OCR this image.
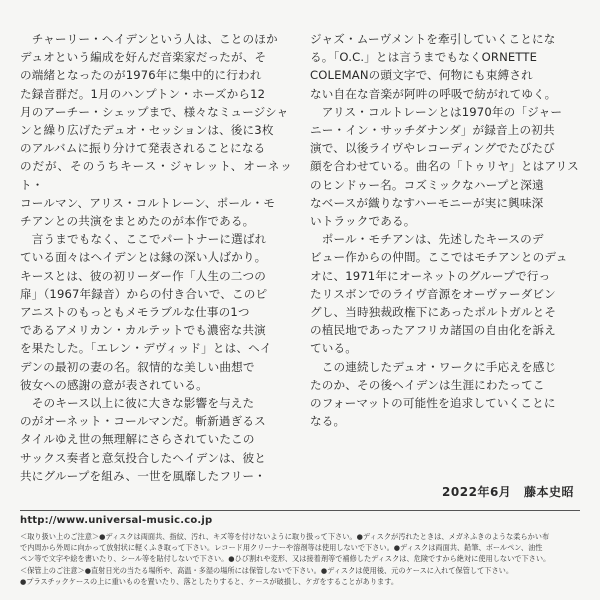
　チャーリー・ヘイデンという人は、ことのほか
デュオという編成を好んだ音楽家だったが、そ
の端緒となったのが1976年に集中的に行われ
た録音群だ。1月のハンプトン・ホーズから12
月のアーチー・シェップまで、様々なミュージシャ
ンと繰り広げたデュオ・セッションは、後に3枚
のアルバムに振り分けて発表されることになる
のだが、そのうちキース・ジャレット、オーネット・
コールマン、アリス・コルトレーン、ポール・モ
チアンとの共演をまとめたのが本作である。

　言うまでもなく、ここでパートナーに選ばれ
ている面々はヘイデンとは縁の深い人ばかり。
キースとは、彼の初リーダー作「人生の二つの
扉」（1967年録音）からの付き合いで、このピ
アニストのもっともメモラブルな仕事の1つ
であるアメリカン・カルテットでも濃密な共演
を果たした。「エレン・デヴィッド」とは、ヘイ
デンの最初の妻の名。叙情的な美しい曲想で
彼女への感謝の意が表されている。

　そのキース以上に彼に大きな影響を与えた
のがオーネット・コールマンだ。斬新過ぎるス
タイルゆえ世の無理解にさらされていたこの
サックス奏者と意気投合したヘイデンは、彼と
共にグループを組み、一世を風靡したフリー・

ジャズ・ムーヴメントを牽引していくことにな
る。「O.C.」とは言うまでもなくORNETTE
COLEMANの頭文字で、何物にも束縛され
ない自在な音楽が阿吽の呼吸で紡がれてゆく。

　アリス・コルトレーンとは1970年の「ジャー
ニー・イン・サッチダナンダ」が録音上の初共
演で、以後ライヴやレコーディングでたびたび
顔を合わせている。曲名の「トゥリヤ」とはアリス
のヒンドゥー名。コズミックなハープと深遠
なベースが織りなすハーモニーが実に興味深
いトラックである。

　ポール・モチアンは、先述したキースのデ
ビュー作からの仲間。ここではモチアンとのデュ
オに、1971年にオーネットのグループで行っ
たリスボンでのライヴ音源をオーヴァーダビン
グし、当時独裁政権下にあったポルトガルとそ
の植民地であったアフリカ諸国の自由化を訴え
ている。

　この連続したデュオ・ワークに手応えを感じ
たのか、その後ヘイデンは生涯にわたってこ
のフォーマットの可能性を追求していくことに
なる。

2022年6月 藤本史昭
http://www.universal-music.co.jp
＜取り扱い上のご注意＞●ディスクは両面共、指紋、汚れ、キズ等を付けないように取り扱って下さい。●ディスクが汚れたときは、メガネふきのような柔らかい布
で内周から外周に向かって放射状に軽くふき取って下さい。レコード用クリーナーや溶剤等は使用しないで下さい。●ディスクは両面共、鉛筆、ボールペン、油性
ペン等で文字や絵を書いたり、シール等を貼付しないで下さい。●ひび割れや変形、又は接着剤等で補修したディスクは、危険ですから絶対に使用しないで下さい。
＜保管上のご注意＞●直射日光の当たる場所や、高温・多湿の場所には保管しないで下さい。●ディスクは使用後、元のケースに入れて保管して下さい。
●プラスチックケースの上に重いものを置いたり、落としたりすると、ケースが破損し、ケガをすることがあります。
